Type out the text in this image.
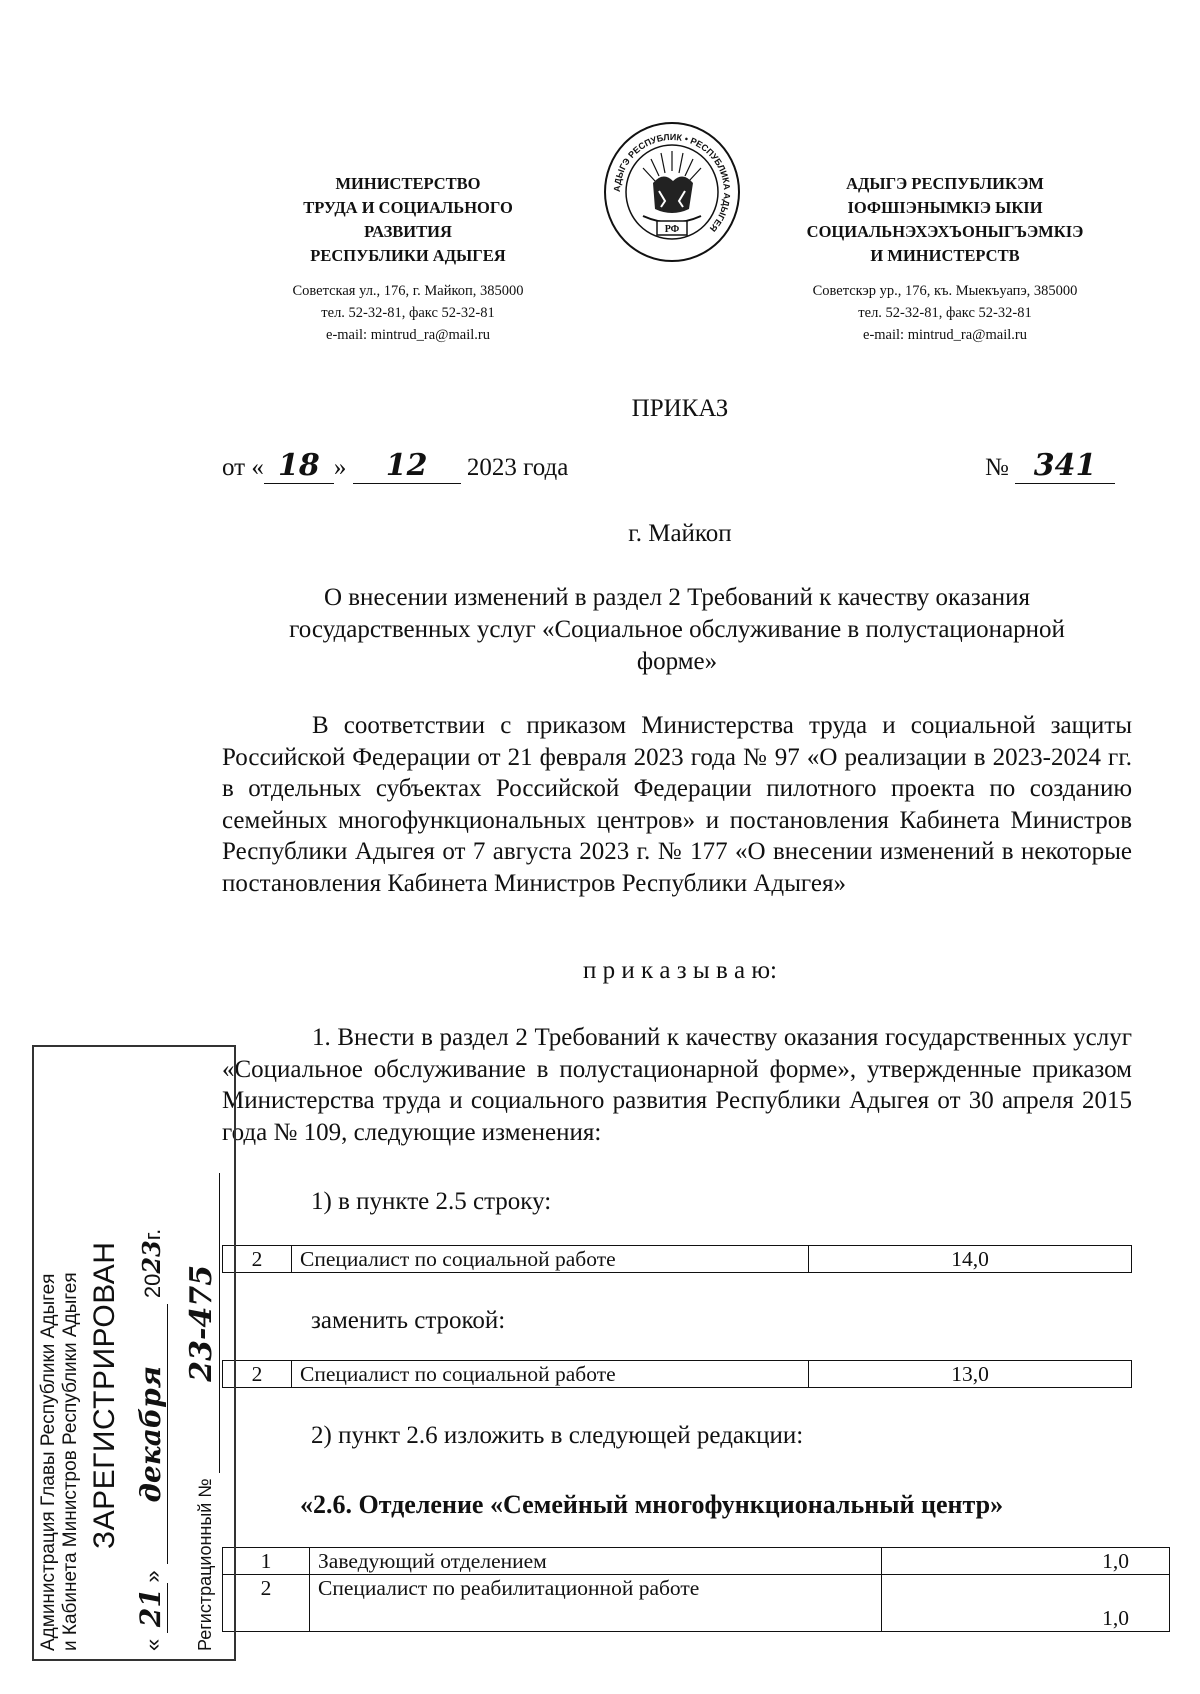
МИНИСТЕРСТВО
ТРУДА И СОЦИАЛЬНОГО
РАЗВИТИЯ
РЕСПУБЛИКИ АДЫГЕЯ
Советская ул., 176, г. Майкоп, 385000
тел. 52-32-81, факс 52-32-81
e-mail: mintrud_ra@mail.ru
АДЫГЭ РЕСПУБЛИК • РЕСПУБЛИКА АДЫГЕЯ
РФ
АДЫГЭ РЕСПУБЛИКЭМ
IОФШIЭНЫМКIЭ ЫКIИ
СОЦИАЛЬНЭХЭХЪОНЫГЪЭМКIЭ
И МИНИСТЕРСТВ
Советскэр ур., 176, къ. Мыекъуапэ, 385000
тел. 52-32-81, факс 52-32-81
e-mail: mintrud_ra@mail.ru
ПРИКАЗ
от « 18 » 12 2023 года	№ 341
г. Майкоп
О внесении изменений в раздел 2 Требований к качеству оказания
государственных услуг «Социальное обслуживание в полустационарной
форме»
В соответствии с приказом Министерства труда и социальной защиты Российской Федерации от 21 февраля 2023 года № 97 «О реализации в 2023-2024 гг. в отдельных субъектах Российской Федерации пилотного проекта по созданию семейных многофункциональных центров» и постановления Кабинета Министров Республики Адыгея от 7 августа 2023 г. № 177 «О внесении изменений в некоторые постановления Кабинета Министров Республики Адыгея»
п р и к а з ы в а ю:
1. Внести в раздел 2 Требований к качеству оказания государственных услуг «Социальное обслуживание в полустационарной форме», утвержденные приказом Министерства труда и социального развития Республики Адыгея от 30 апреля 2015 года № 109, следующие изменения:
1) в пункте 2.5 строку:
2	Специалист по социальной работе	14,0
заменить строкой:
2	Специалист по социальной работе	13,0
2) пункт 2.6 изложить в следующей редакции:
«2.6. Отделение «Семейный многофункциональный центр»
1	Заведующий отделением	1,0
2	Специалист по реабилитационной работе	1,0
Администрация Главы Республики Адыгея и Кабинета Министров Республики Адыгея ЗАРЕГИСТРИРОВАН
« 21» декабря 2023г.
Регистрационный № 23-475
